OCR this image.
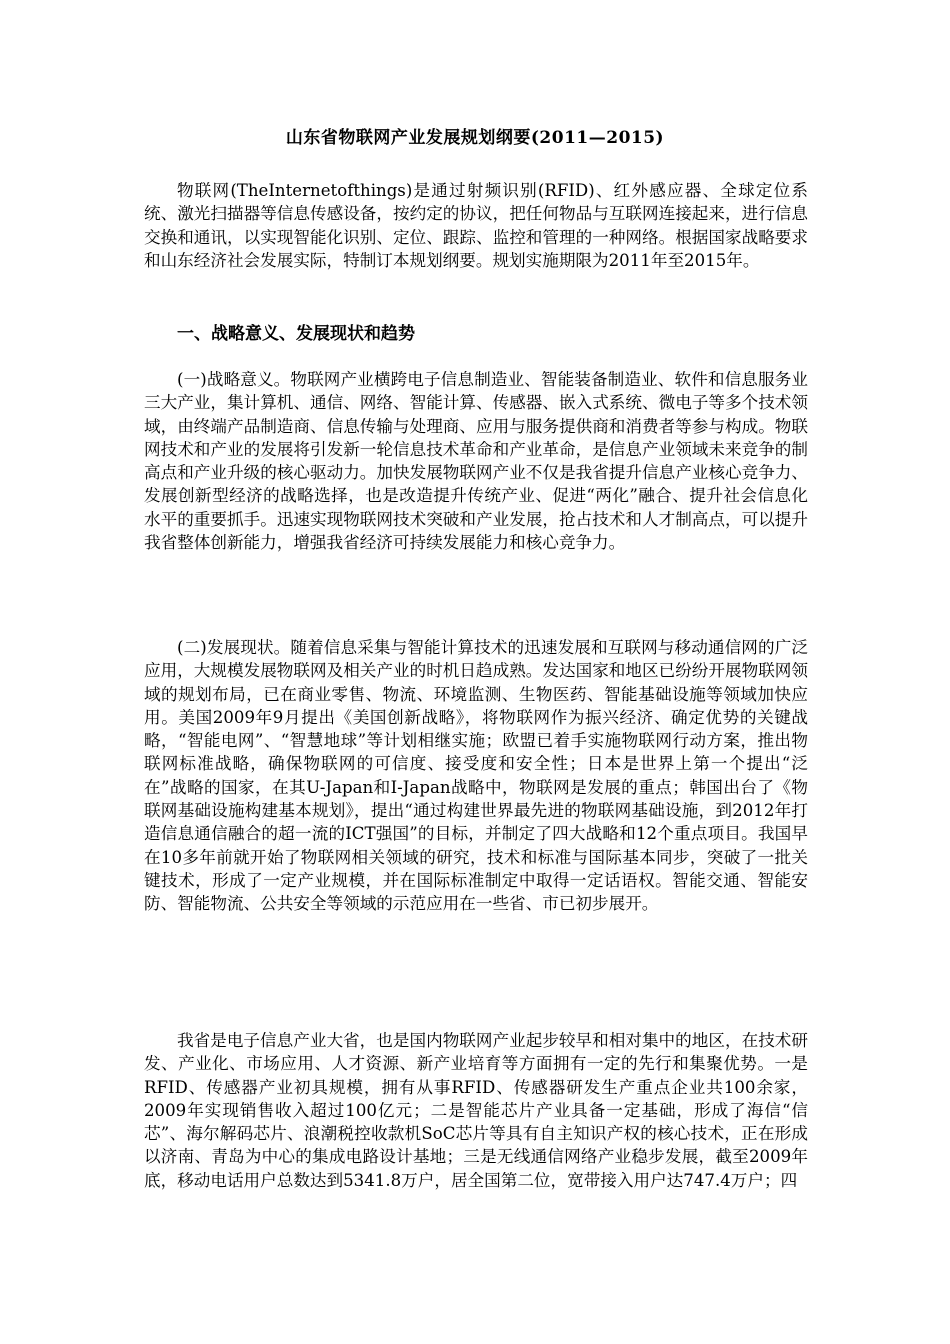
山东省物联网产业发展规划纲要(2011—2015)

物联网(TheInternetofthings)是通过射频识别(RFID)、红外感应器、全球定位系统、激光扫描器等信息传感设备，按约定的协议，把任何物品与互联网连接起来，进行信息交换和通讯，以实现智能化识别、定位、跟踪、监控和管理的一种网络。根据国家战略要求和山东经济社会发展实际，特制订本规划纲要。规划实施期限为2011年至2015年。

一、战略意义、发展现状和趋势

(一)战略意义。物联网产业横跨电子信息制造业、智能装备制造业、软件和信息服务业三大产业，集计算机、通信、网络、智能计算、传感器、嵌入式系统、微电子等多个技术领域，由终端产品制造商、信息传输与处理商、应用与服务提供商和消费者等参与构成。物联网技术和产业的发展将引发新一轮信息技术革命和产业革命，是信息产业领域未来竞争的制高点和产业升级的核心驱动力。加快发展物联网产业不仅是我省提升信息产业核心竞争力、发展创新型经济的战略选择，也是改造提升传统产业、促进“两化”融合、提升社会信息化水平的重要抓手。迅速实现物联网技术突破和产业发展，抢占技术和人才制高点，可以提升我省整体创新能力，增强我省经济可持续发展能力和核心竞争力。

(二)发展现状。随着信息采集与智能计算技术的迅速发展和互联网与移动通信网的广泛应用，大规模发展物联网及相关产业的时机日趋成熟。发达国家和地区已纷纷开展物联网领域的规划布局，已在商业零售、物流、环境监测、生物医药、智能基础设施等领域加快应用。美国2009年9月提出《美国创新战略》，将物联网作为振兴经济、确定优势的关键战略，“智能电网”、“智慧地球”等计划相继实施；欧盟已着手实施物联网行动方案，推出物联网标准战略，确保物联网的可信度、接受度和安全性；日本是世界上第一个提出“泛在”战略的国家，在其U-Japan和I-Japan战略中，物联网是发展的重点；韩国出台了《物联网基础设施构建基本规划》，提出“通过构建世界最先进的物联网基础设施，到2012年打造信息通信融合的超一流的ICT强国”的目标，并制定了四大战略和12个重点项目。我国早在10多年前就开始了物联网相关领域的研究，技术和标准与国际基本同步，突破了一批关键技术，形成了一定产业规模，并在国际标准制定中取得一定话语权。智能交通、智能安防、智能物流、公共安全等领域的示范应用在一些省、市已初步展开。

我省是电子信息产业大省，也是国内物联网产业起步较早和相对集中的地区，在技术研发、产业化、市场应用、人才资源、新产业培育等方面拥有一定的先行和集聚优势。一是RFID、传感器产业初具规模，拥有从事RFID、传感器研发生产重点企业共100余家，2009年实现销售收入超过100亿元；二是智能芯片产业具备一定基础，形成了海信“信芯”、海尔解码芯片、浪潮税控收款机SoC芯片等具有自主知识产权的核心技术，正在形成以济南、青岛为中心的集成电路设计基地；三是无线通信网络产业稳步发展，截至2009年底，移动电话用户总数达到5341.8万户，居全国第二位，宽带接入用户达747.4万户；四
